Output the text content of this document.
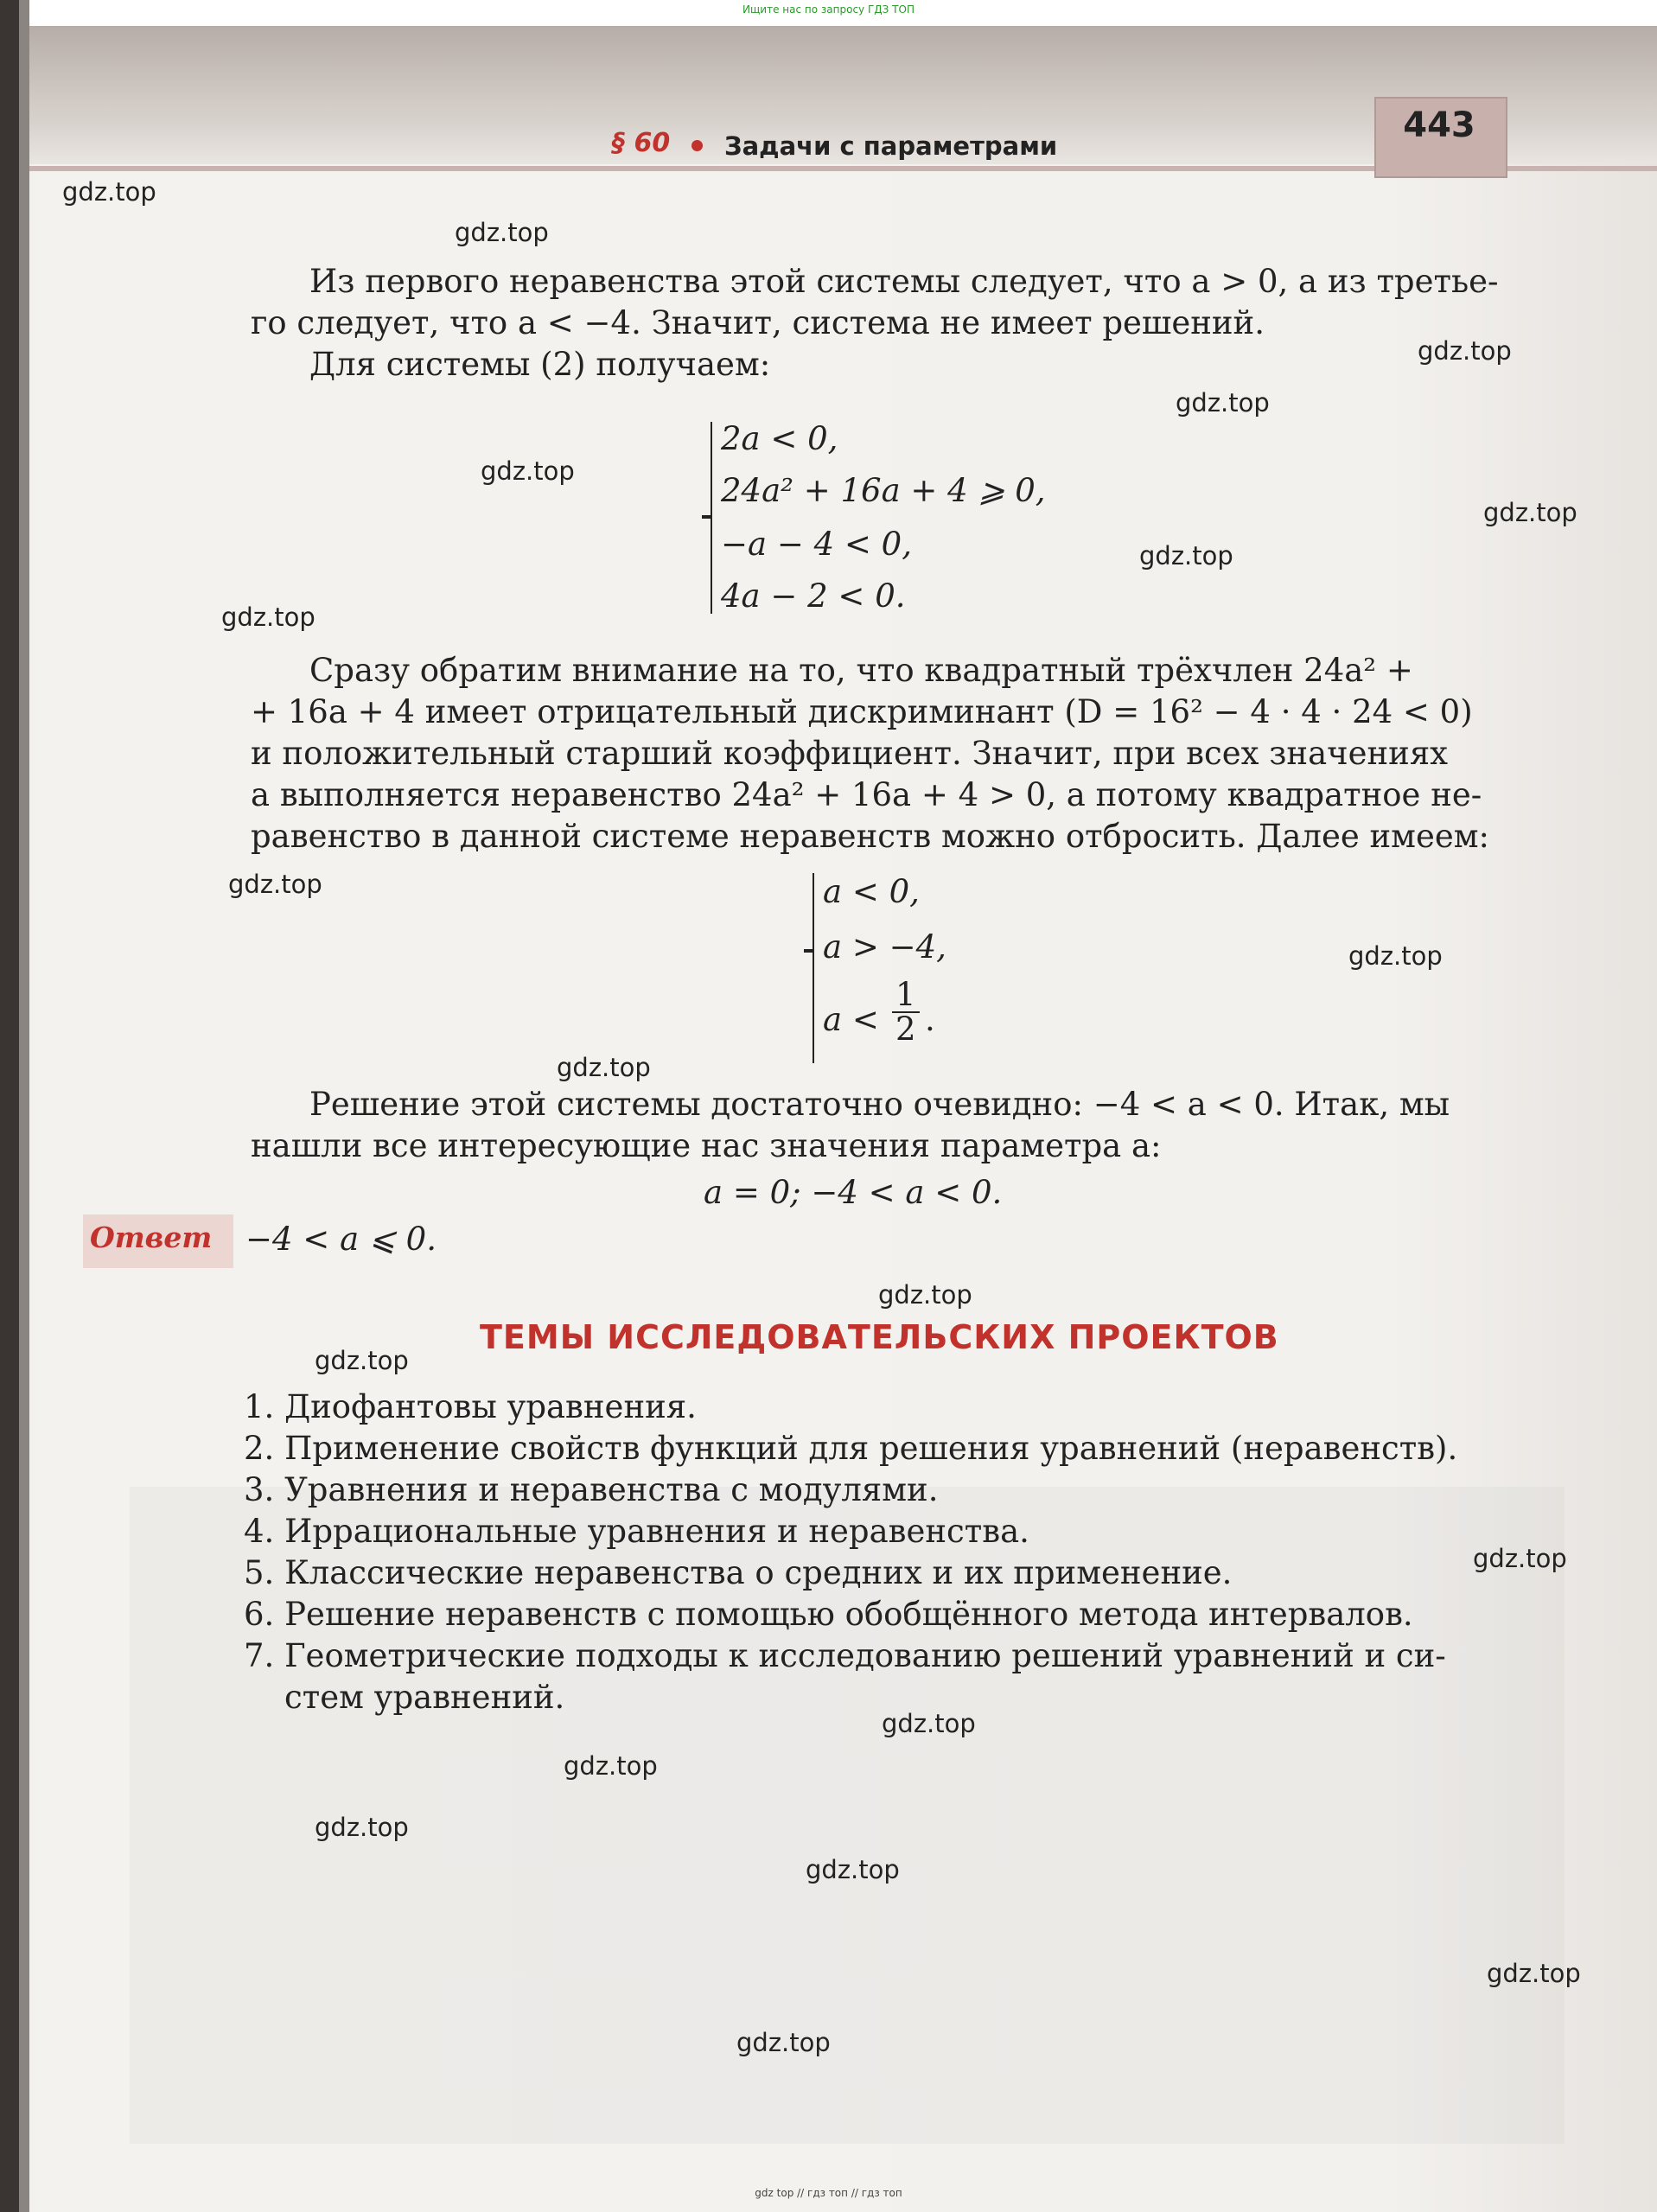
Ищите нас по запросу ГДЗ ТОП
§ 60 Задачи с параметрами
443
Из первого неравенства этой системы следует, что a > 0, а из третье-
го следует, что a < −4. Значит, система не имеет решений.
Для системы (2) получаем:
2a < 0,
24a² + 16a + 4 ⩾ 0,
−a − 4 < 0,
4a − 2 < 0.
Сразу обратим внимание на то, что квадратный трёхчлен 24a² +
+ 16a + 4 имеет отрицательный дискриминант (D = 16² − 4 · 4 · 24 < 0)
и положительный старший коэффициент. Значит, при всех значениях
a выполняется неравенство 24a² + 16a + 4 > 0, а потому квадратное не-
равенство в данной системе неравенств можно отбросить. Далее имеем:
a < 0,
a > −4,
$a < \frac{1}{2}$ .
Решение этой системы достаточно очевидно: −4 < a < 0. Итак, мы
нашли все интересующие нас значения параметра a:
a = 0; −4 < a < 0.
Ответ −4 < a ⩽ 0.
ТЕМЫ ИССЛЕДОВАТЕЛЬСКИХ ПРОЕКТОВ
1. Диофантовы уравнения.
2. Применение свойств функций для решения уравнений (неравенств).
3. Уравнения и неравенства с модулями.
4. Иррациональные уравнения и неравенства.
5. Классические неравенства о средних и их применение.
6. Решение неравенств с помощью обобщённого метода интервалов.
7. Геометрические подходы к исследованию решений уравнений и си-
стем уравнений.
gdz.top
gdz.top
gdz.top
gdz.top
gdz.top
gdz.top
gdz.top
gdz.top
gdz.top
gdz.top
gdz.top
gdz.top
gdz.top
gdz.top
gdz.top
gdz.top
gdz.top
gdz.top
gdz.top
gdz.top
gdz top // гдз топ // гдз топ
